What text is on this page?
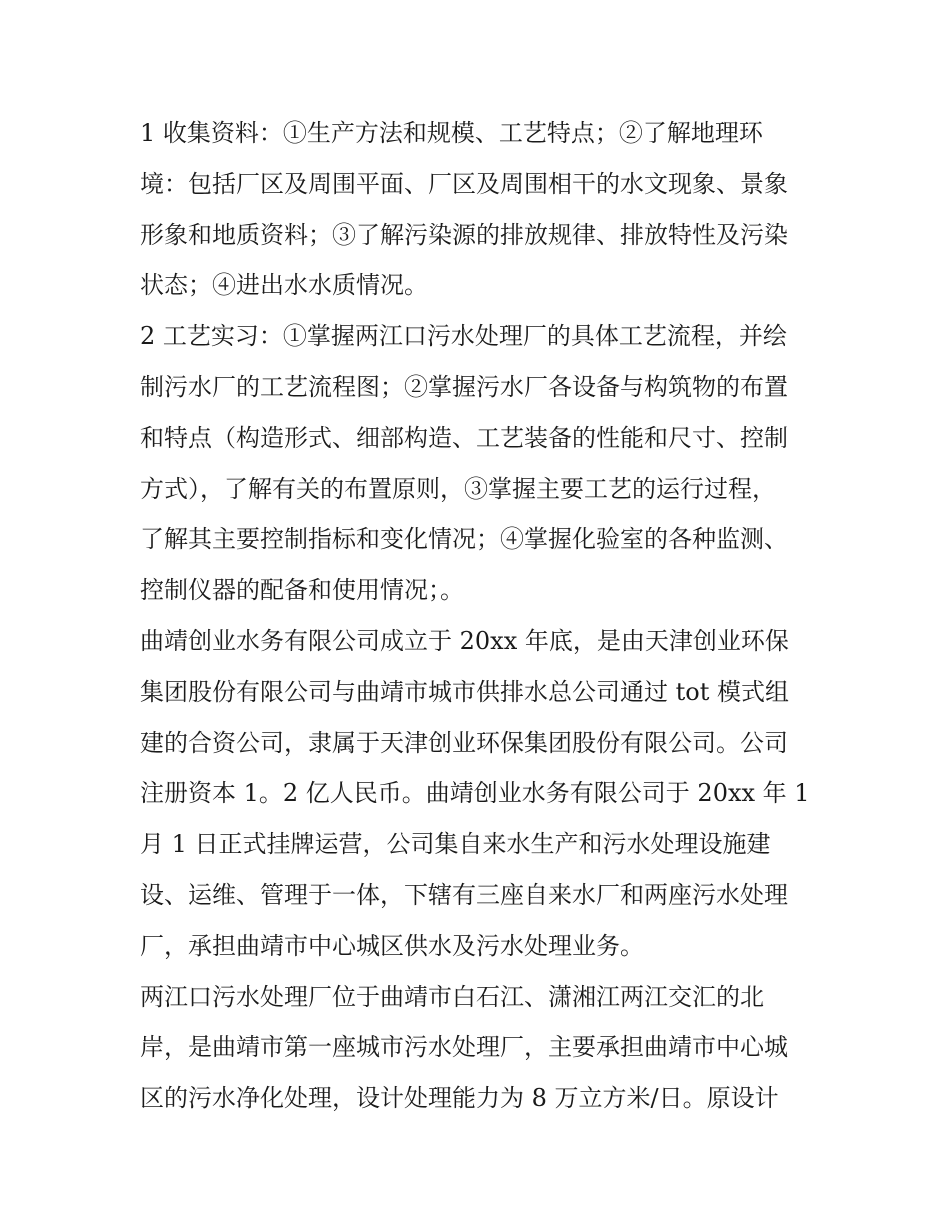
1 收集资料：①生产方法和规模、工艺特点；②了解地理环
境：包括厂区及周围平面、厂区及周围相干的水文现象、景象
形象和地质资料；③了解污染源的排放规律、排放特性及污染
状态；④进出水水质情况。
2 工艺实习：①掌握两江口污水处理厂的具体工艺流程，并绘
制污水厂的工艺流程图；②掌握污水厂各设备与构筑物的布置
和特点（构造形式、细部构造、工艺装备的性能和尺寸、控制
方式），了解有关的布置原则，③掌握主要工艺的运行过程，
了解其主要控制指标和变化情况；④掌握化验室的各种监测、
控制仪器的配备和使用情况；。
曲靖创业水务有限公司成立于 20xx 年底，是由天津创业环保
集团股份有限公司与曲靖市城市供排水总公司通过 tot 模式组
建的合资公司，隶属于天津创业环保集团股份有限公司。公司
注册资本 1。2 亿人民币。曲靖创业水务有限公司于 20xx 年 1
月 1 日正式挂牌运营，公司集自来水生产和污水处理设施建
设、运维、管理于一体，下辖有三座自来水厂和两座污水处理
厂，承担曲靖市中心城区供水及污水处理业务。
两江口污水处理厂位于曲靖市白石江、潇湘江两江交汇的北
岸，是曲靖市第一座城市污水处理厂，主要承担曲靖市中心城
区的污水净化处理，设计处理能力为 8 万立方米/日。原设计
